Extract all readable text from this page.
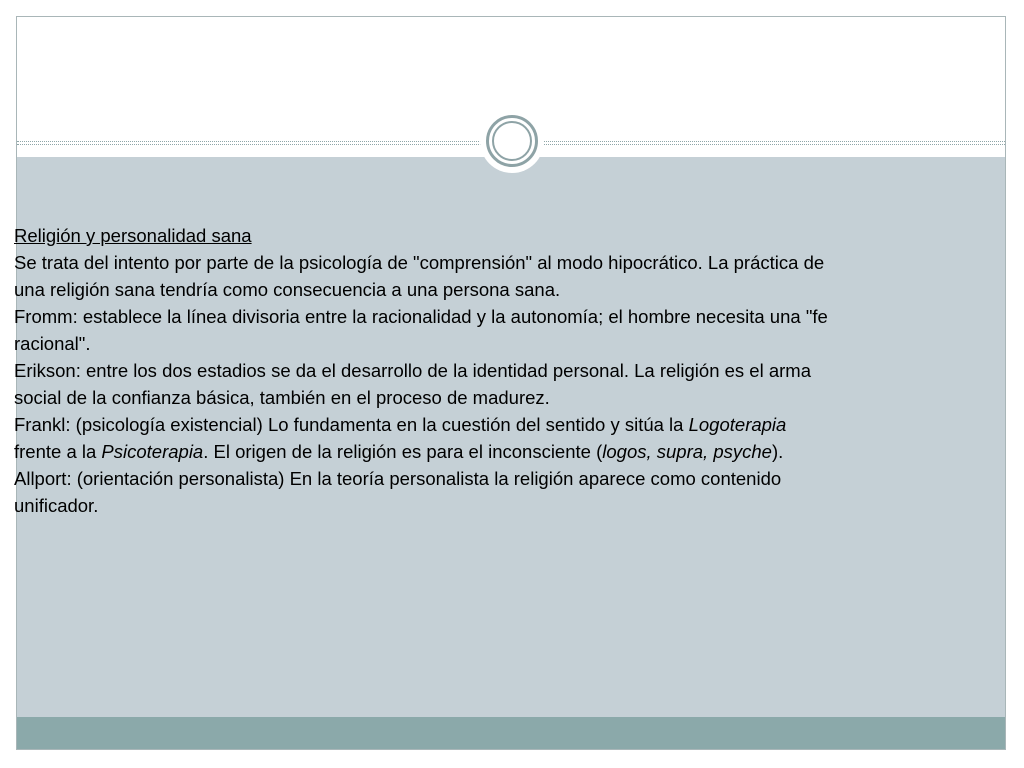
Religión y personalidad sana

Se trata del intento por parte de la psicología de "comprensión" al modo hipocrático. La práctica de

una religión sana tendría como consecuencia a una persona sana.

Fromm: establece la línea divisoria entre la racionalidad y la autonomía; el hombre necesita una "fe

racional".

Erikson: entre los dos estadios se da el desarrollo de la identidad personal. La religión es el arma

social de la confianza básica, también en el proceso de madurez.

Frankl: (psicología existencial) Lo fundamenta en la cuestión del sentido y sitúa la Logoterapia

frente a la Psicoterapia. El origen de la religión es para el inconsciente (logos, supra, psyche).

Allport: (orientación personalista) En la teoría personalista la religión aparece como contenido

unificador.
